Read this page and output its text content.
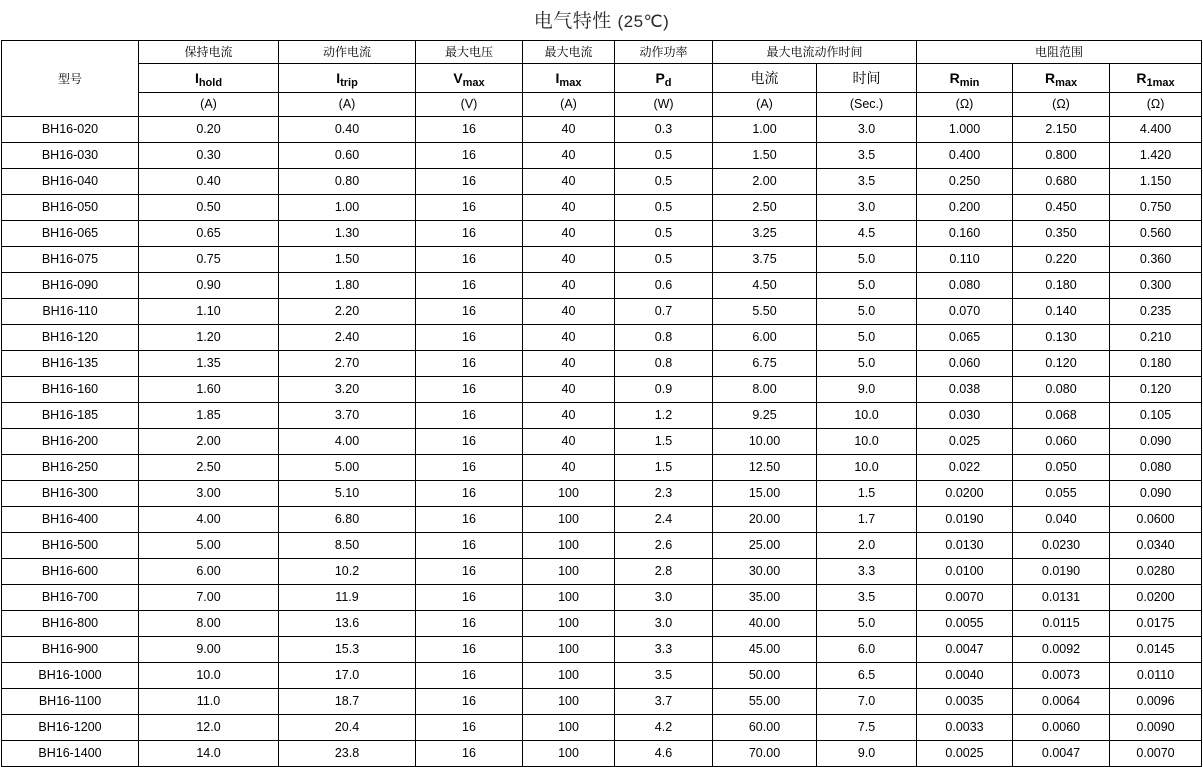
电气特性 (25℃)
型号	保持电流	动作电流	最大电压	最大电流	动作功率	最大电流动作时间		电阻范围		
	$I_{hold}$	$I_{trip}$	$V_{max}$	$I_{max}$	$P_d$	电流	时间	$R_{min}$	$R_{max}$	$R_{1max}$
	(A)	(A)	(V)	(A)	(W)	(A)	(Sec.)	(Ω)	(Ω)	(Ω)
BH16-020	0.20	0.40	16	40	0.3	1.00	3.0	1.000	2.150	4.400
BH16-030	0.30	0.60	16	40	0.5	1.50	3.5	0.400	0.800	1.420
BH16-040	0.40	0.80	16	40	0.5	2.00	3.5	0.250	0.680	1.150
BH16-050	0.50	1.00	16	40	0.5	2.50	3.0	0.200	0.450	0.750
BH16-065	0.65	1.30	16	40	0.5	3.25	4.5	0.160	0.350	0.560
BH16-075	0.75	1.50	16	40	0.5	3.75	5.0	0.110	0.220	0.360
BH16-090	0.90	1.80	16	40	0.6	4.50	5.0	0.080	0.180	0.300
BH16-110	1.10	2.20	16	40	0.7	5.50	5.0	0.070	0.140	0.235
BH16-120	1.20	2.40	16	40	0.8	6.00	5.0	0.065	0.130	0.210
BH16-135	1.35	2.70	16	40	0.8	6.75	5.0	0.060	0.120	0.180
BH16-160	1.60	3.20	16	40	0.9	8.00	9.0	0.038	0.080	0.120
BH16-185	1.85	3.70	16	40	1.2	9.25	10.0	0.030	0.068	0.105
BH16-200	2.00	4.00	16	40	1.5	10.00	10.0	0.025	0.060	0.090
BH16-250	2.50	5.00	16	40	1.5	12.50	10.0	0.022	0.050	0.080
BH16-300	3.00	5.10	16	100	2.3	15.00	1.5	0.0200	0.055	0.090
BH16-400	4.00	6.80	16	100	2.4	20.00	1.7	0.0190	0.040	0.0600
BH16-500	5.00	8.50	16	100	2.6	25.00	2.0	0.0130	0.0230	0.0340
BH16-600	6.00	10.2	16	100	2.8	30.00	3.3	0.0100	0.0190	0.0280
BH16-700	7.00	11.9	16	100	3.0	35.00	3.5	0.0070	0.0131	0.0200
BH16-800	8.00	13.6	16	100	3.0	40.00	5.0	0.0055	0.0115	0.0175
BH16-900	9.00	15.3	16	100	3.3	45.00	6.0	0.0047	0.0092	0.0145
BH16-1000	10.0	17.0	16	100	3.5	50.00	6.5	0.0040	0.0073	0.0110
BH16-1100	11.0	18.7	16	100	3.7	55.00	7.0	0.0035	0.0064	0.0096
BH16-1200	12.0	20.4	16	100	4.2	60.00	7.5	0.0033	0.0060	0.0090
BH16-1400	14.0	23.8	16	100	4.6	70.00	9.0	0.0025	0.0047	0.0070
